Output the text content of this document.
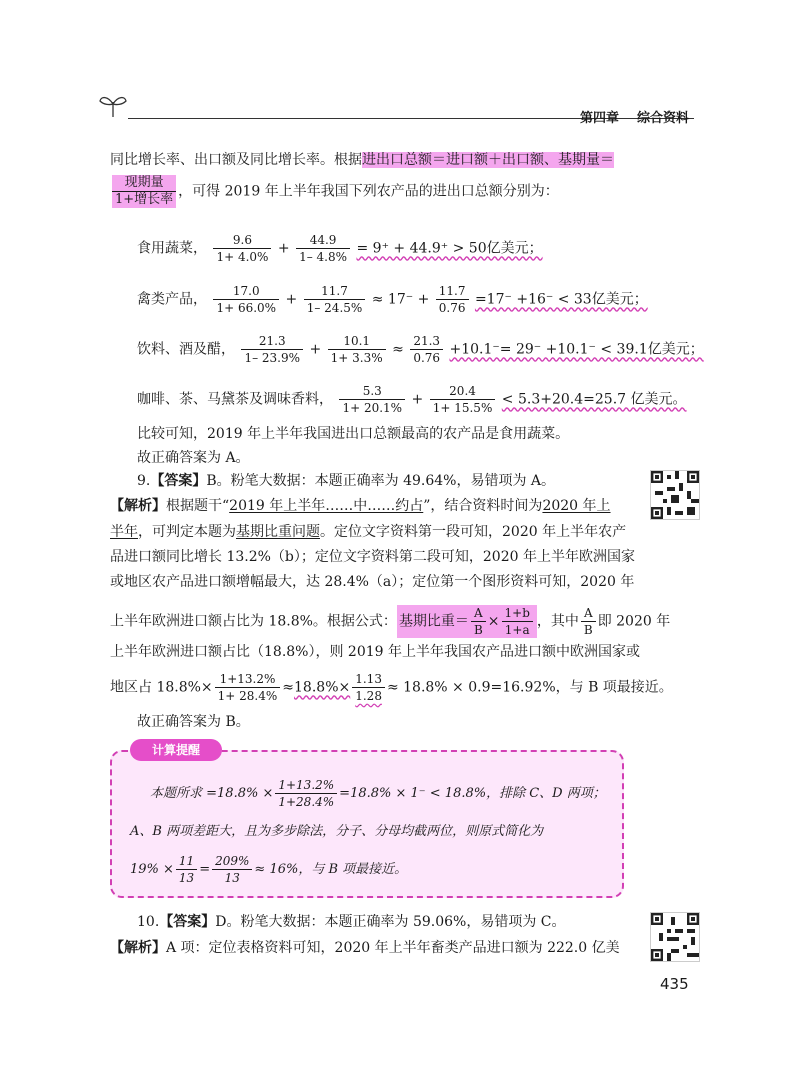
第四章 综合资料
同比增长率、出口额及同比增长率。根据进出口总额＝进口额＋出口额、基期量＝
$\frac{\text{现期量}}{\text{1+增长率}}$ ，可得 2019 年上半年我国下列农产品的进出口总额分别为：
食用蔬菜， $\frac{9.6}{1+ 4.0\%} + \frac{44.9}{1- 4.8\%} = 9^+ + 44.9^+ > 50$亿美元；
禽类产品， $\frac{17.0}{1+ 66.0\%} + \frac{11.7}{1- 24.5\%} \approx 17^- + \frac{11.7}{0.76} =17^- +16^- < 33$亿美元；
饮料、酒及醋， $\frac{21.3}{1- 23.9\%} + \frac{10.1}{1+ 3.3\%} \approx \frac{21.3}{0.76} +10.1^-= 29^- +10.1^- < 39.1$亿美元；
咖啡、茶、马黛茶及调味香料， $\frac{5.3}{1+ 20.1\%} + \frac{20.4}{1+ 15.5\%} < 5.3+20.4=25.7$ 亿美元。
比较可知，2019 年上半年我国进出口总额最高的农产品是食用蔬菜。
故正确答案为 A。
9.【答案】B。粉笔大数据：本题正确率为 49.64%，易错项为 A。
【解析】根据题干“2019 年上半年……中……约占”，结合资料时间为2020 年上
半年，可判定本题为基期比重问题。定位文字资料第一段可知，2020 年上半年农产
品进口额同比增长 13.2%（b）；定位文字资料第二段可知，2020 年上半年欧洲国家
或地区农产品进口额增幅最大，达 28.4%（a）；定位第一个图形资料可知，2020 年
上半年欧洲进口额占比为 18.8%。根据公式： 基期比重＝ $\frac{A}{B} \times \frac{1+b}{1+a}$ ，其中 $\frac{A}{B}$ 即 2020 年
上半年欧洲进口额占比（18.8%），则 2019 年上半年我国农产品进口额中欧洲国家或
地区占 $18.8\%\times \frac{1+13.2\%}{1+ 28.4\%} \approx 18.8\%\times \frac{1.13}{1.28} \approx 18.8\% \times 0.9=16.92\%$，与 B 项最接近。
故正确答案为 B。
计算提醒
本题所求 $=18.8\% \times \frac{1+13.2\%}{1+28.4\%} =18.8\% \times 1^- < 18.8\%$，排除 C、D 两项；
A、B 两项差距大，且为多步除法，分子、分母均截两位，则原式简化为
$19\% \times \frac{11}{13} = \frac{209\%}{13} \approx 16\%$，与 B 项最接近。
10.【答案】D。粉笔大数据：本题正确率为 59.06%，易错项为 C。
【解析】A 项：定位表格资料可知，2020 年上半年畜类产品进口额为 222.0 亿美
435
